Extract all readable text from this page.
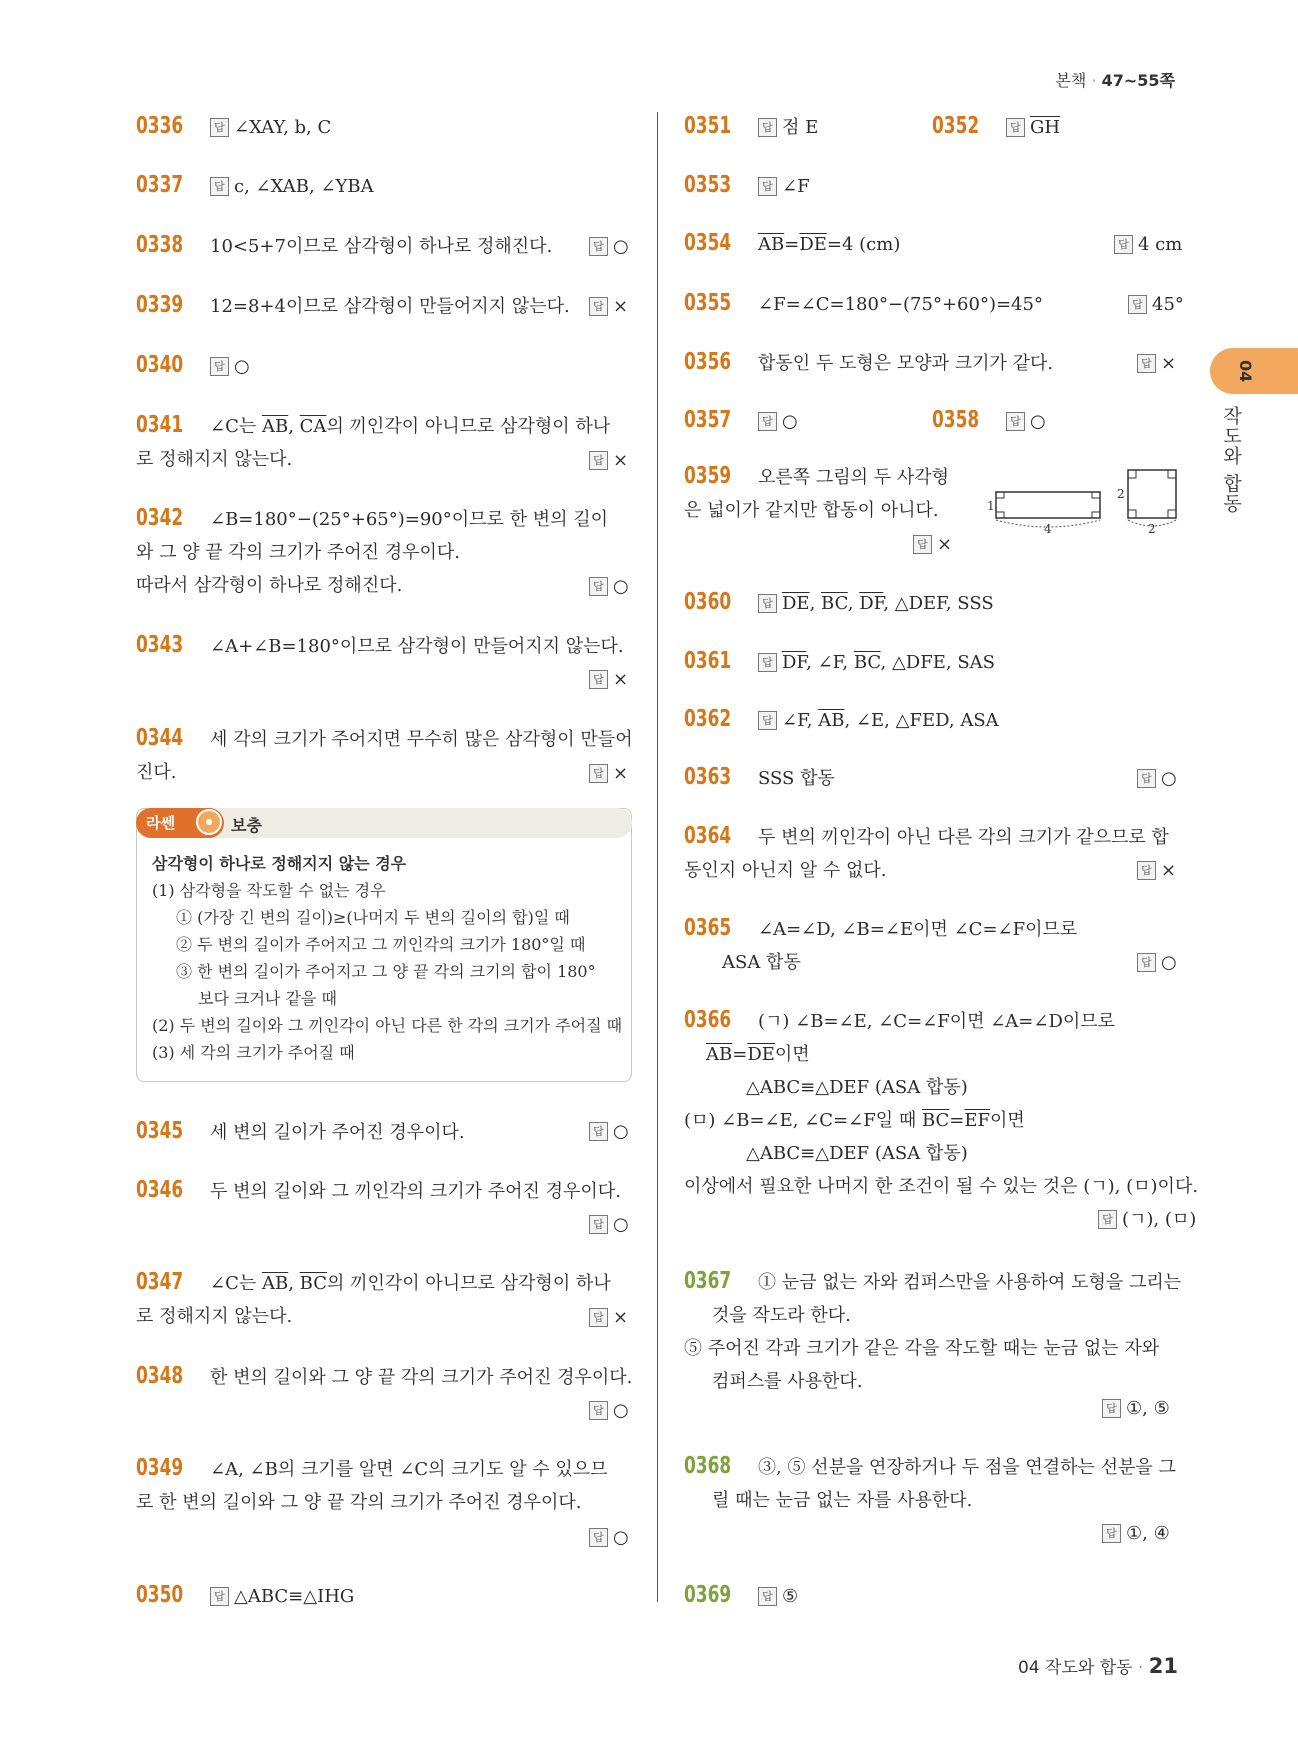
본책 · 47~55쪽
04
작도와 합동
0336	답 ∠XAY, b, C
0337	답 c, ∠XAB, ∠YBA
0338 10<5+7이므로 삼각형이 하나로 정해진다.	답 ○
0339 12=8+4이므로 삼각형이 만들어지지 않는다.	답 ×
0340	답 ○
0341 ∠C는 $\overline{AB}$, $\overline{CA}$의 끼인각이 아니므로 삼각형이 하나
로 정해지지 않는다.	답 ×
0342 ∠B=180°−(25°+65°)=90°이므로 한 변의 길이
와 그 양 끝 각의 크기가 주어진 경우이다.
따라서 삼각형이 하나로 정해진다.	답 ○
0343 ∠A+∠B=180°이므로 삼각형이 만들어지지 않는다.
답 ×
0344 세 각의 크기가 주어지면 무수히 많은 삼각형이 만들어
진다.	답 ×
라쎈	보충
삼각형이 하나로 정해지지 않는 경우
(1) 삼각형을 작도할 수 없는 경우
① (가장 긴 변의 길이)≥(나머지 두 변의 길이의 합)일 때
② 두 변의 길이가 주어지고 그 끼인각의 크기가 180°일 때
③ 한 변의 길이가 주어지고 그 양 끝 각의 크기의 합이 180°
보다 크거나 같을 때
(2) 두 변의 길이와 그 끼인각이 아닌 다른 한 각의 크기가 주어질 때
(3) 세 각의 크기가 주어질 때
0345 세 변의 길이가 주어진 경우이다.	답 ○
0346 두 변의 길이와 그 끼인각의 크기가 주어진 경우이다.
답 ○
0347 ∠C는 $\overline{AB}$, $\overline{BC}$의 끼인각이 아니므로 삼각형이 하나
로 정해지지 않는다.	답 ×
0348 한 변의 길이와 그 양 끝 각의 크기가 주어진 경우이다.
답 ○
0349 ∠A, ∠B의 크기를 알면 ∠C의 크기도 알 수 있으므
로 한 변의 길이와 그 양 끝 각의 크기가 주어진 경우이다.
답 ○
0350	답 △ABC≡△IHG
0351	답 점 E	0352	답 $\overline{GH}$
0353	답 ∠F
0354 $\overline{AB}=\overline{DE}=4$ (cm)	답 4 cm
0355 ∠F=∠C=180°−(75°+60°)=45°	답 45°
0356 합동인 두 도형은 모양과 크기가 같다.	답 ×
0357	답 ○	0358	답 ○
0359 오른쪽 그림의 두 사각형
은 넓이가 같지만 합동이 아니다.
답 ×
1
4
2
2
0360	답 $\overline{DE}$, $\overline{BC}$, $\overline{DF}$, △DEF, SSS
0361	답 $\overline{DF}$, ∠F, $\overline{BC}$, △DFE, SAS
0362	답 ∠F, $\overline{AB}$, ∠E, △FED, ASA
0363 SSS 합동	답 ○
0364 두 변의 끼인각이 아닌 다른 각의 크기가 같으므로 합
동인지 아닌지 알 수 없다.	답 ×
0365 ∠A=∠D, ∠B=∠E이면 ∠C=∠F이므로
ASA 합동	답 ○
0366 (ㄱ) ∠B=∠E, ∠C=∠F이면 ∠A=∠D이므로
$\overline{AB}=\overline{DE}$이면
△ABC≡△DEF (ASA 합동)
(ㅁ) ∠B=∠E, ∠C=∠F일 때 $\overline{BC}=\overline{EF}$이면
△ABC≡△DEF (ASA 합동)
이상에서 필요한 나머지 한 조건이 될 수 있는 것은 (ㄱ), (ㅁ)이다.
답 (ㄱ), (ㅁ)
0367 ① 눈금 없는 자와 컴퍼스만을 사용하여 도형을 그리는
것을 작도라 한다.
⑤ 주어진 각과 크기가 같은 각을 작도할 때는 눈금 없는 자와
컴퍼스를 사용한다.
답 ①, ⑤
0368 ③, ⑤ 선분을 연장하거나 두 점을 연결하는 선분을 그
릴 때는 눈금 없는 자를 사용한다.
답 ①, ④
0369	답 ⑤
04 작도와 합동 · 21
